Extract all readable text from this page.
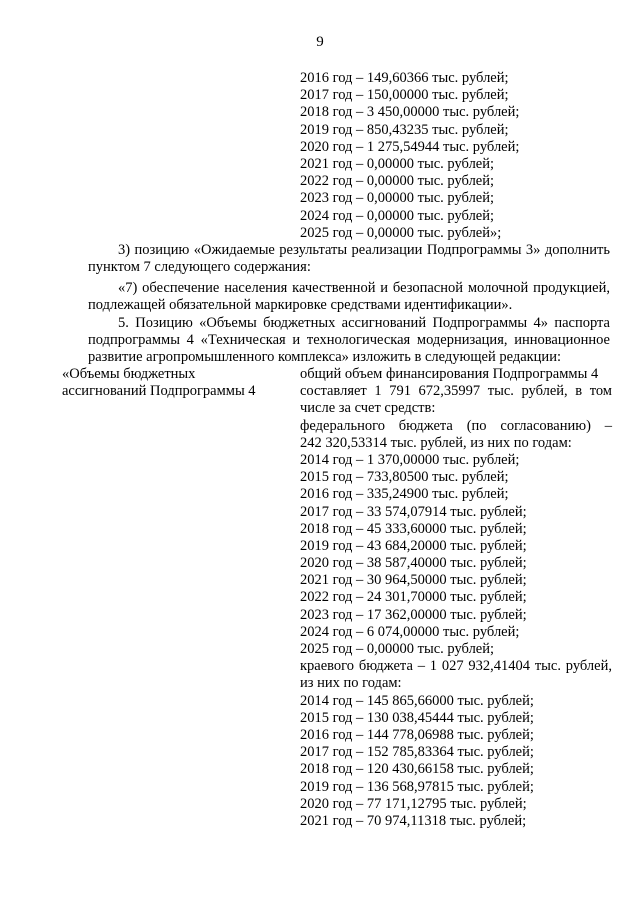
9
2016 год – 149,60366 тыс. рублей;
2017 год – 150,00000 тыс. рублей;
2018 год – 3 450,00000 тыс. рублей;
2019 год – 850,43235 тыс. рублей;
2020 год – 1 275,54944 тыс. рублей;
2021 год – 0,00000 тыс. рублей;
2022 год – 0,00000 тыс. рублей;
2023 год – 0,00000 тыс. рублей;
2024 год – 0,00000 тыс. рублей;
2025 год – 0,00000 тыс. рублей»;
3) позицию «Ожидаемые результаты реализации Подпрограммы 3» дополнить
пунктом 7 следующего содержания:
«7) обеспечение населения качественной и безопасной молочной продукцией,
подлежащей обязательной маркировке средствами идентификации».
5. Позицию «Объемы бюджетных ассигнований Подпрограммы 4» паспорта
подпрограммы 4 «Техническая и технологическая модернизация, инновационное
развитие агропромышленного комплекса» изложить в следующей редакции:
«Объемы бюджетных
ассигнований Подпрограммы 4
общий объем финансирования Подпрограммы 4
составляет 1 791 672,35997 тыс. рублей, в том
числе за счет средств:
федерального бюджета (по согласованию) –
242 320,53314 тыс. рублей, из них по годам:
2014 год – 1 370,00000 тыс. рублей;
2015 год – 733,80500 тыс. рублей;
2016 год – 335,24900 тыс. рублей;
2017 год – 33 574,07914 тыс. рублей;
2018 год – 45 333,60000 тыс. рублей;
2019 год – 43 684,20000 тыс. рублей;
2020 год – 38 587,40000 тыс. рублей;
2021 год – 30 964,50000 тыс. рублей;
2022 год – 24 301,70000 тыс. рублей;
2023 год – 17 362,00000 тыс. рублей;
2024 год – 6 074,00000 тыс. рублей;
2025 год – 0,00000 тыс. рублей;
краевого бюджета – 1 027 932,41404 тыс. рублей,
из них по годам:
2014 год – 145 865,66000 тыс. рублей;
2015 год – 130 038,45444 тыс. рублей;
2016 год – 144 778,06988 тыс. рублей;
2017 год – 152 785,83364 тыс. рублей;
2018 год – 120 430,66158 тыс. рублей;
2019 год – 136 568,97815 тыс. рублей;
2020 год – 77 171,12795 тыс. рублей;
2021 год – 70 974,11318 тыс. рублей;
